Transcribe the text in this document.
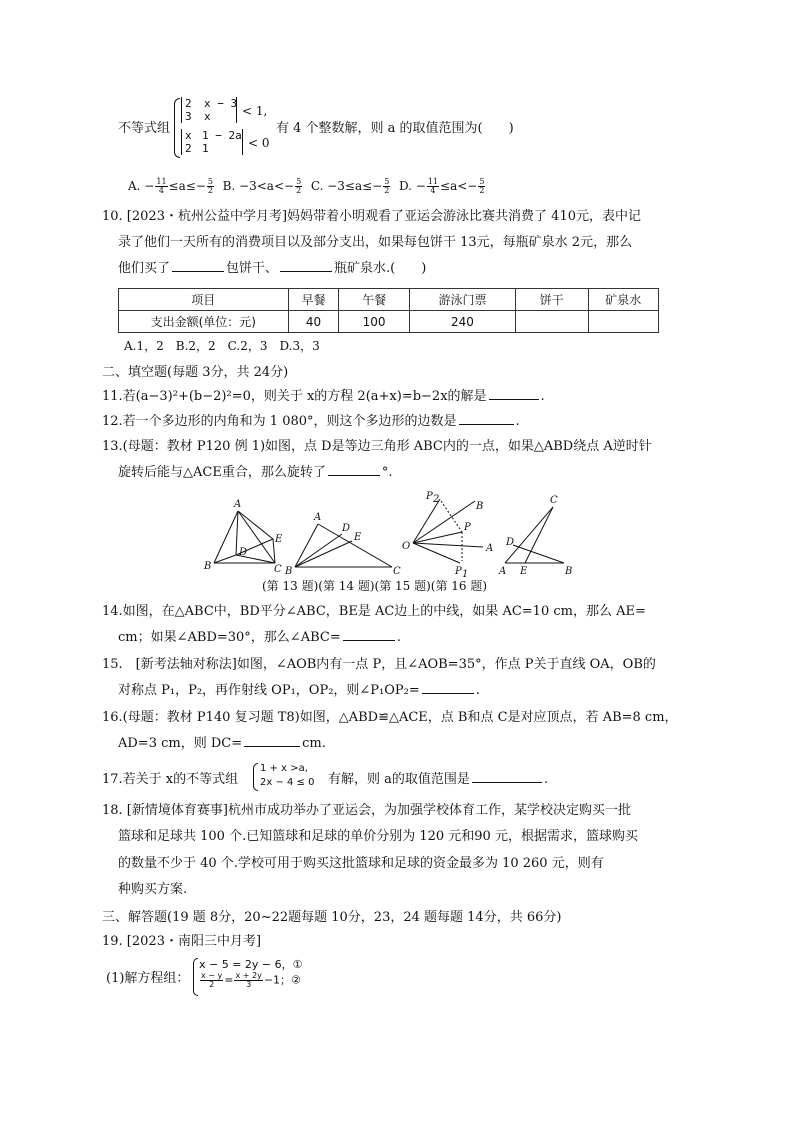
不等式组
2 x − 3
3 x	< 1,
x 1 − 2a
2 1	< 0
有 4 个整数解，则 a 的取值范围为(　　)
A. − $\frac{11}{4} \le a\le- \frac{5}{2} B$. $-3<a<- \frac{5}{2} C$. $-3\le a\le- \frac{5}{2} D$. − $\frac{11}{4} \le a<- \frac{5}{2}$
10. [2023・杭州公益中学月考]妈妈带着小明观看了亚运会游泳比赛共消费了 410元，表中记
录了他们一天所有的消费项目以及部分支出，如果每包饼干 13元，每瓶矿泉水 2元，那么
他们买了	包饼干、	瓶矿泉水.(　　)
项目	早餐	午餐	游泳门票	饼干	矿泉水
支出金额(单位：元)	40	100	240		
A.1，2　B.2，2　C.2，3　D.3，3
二、填空题(每题 3分，共 24分)
11.若(a−3)²+(b−2)²=0，则关于 x的方程 2(a+x)=b−2x的解是	.
12.若一个多边形的内角和为 1 080°，则这个多边形的边数是	.
13.(母题：教材 P120 例 1)如图，点 D是等边三角形 ABC内的一点，如果△ABD绕点 A逆时针
旋转后能与△ACE重合，那么旋转了	°.
A
B	C
D
E
A
B	C
D
E
O	A
B
P
P 2
P 1	A	B
C
D
E
(第 13 题)(第 14 题)(第 15 题)(第 16 题)
14.如图，在△ABC中，BD平分∠ABC，BE是 AC边上的中线，如果 AC=10 cm，那么 AE=
cm；如果∠ABD=30°，那么∠ABC=	.
15.　[新考法轴对称法]如图，∠AOB内有一点 P，且∠AOB=35°，作点 P关于直线 OA，OB的
对称点 P₁，P₂，再作射线 OP₁，OP₂，则∠P₁OP₂=	.
16.(母题：教材 P140 复习题 T8)如图，△ABD≌△ACE，点 B和点 C是对应顶点，若 AB=8 cm，
AD=3 cm，则 DC=	cm.
17.若关于 x的不等式组
1 + x >a,
2x − 4 ≤ 0 有解，则 a的取值范围是	.
18. [新情境体育赛事]杭州市成功举办了亚运会，为加强学校体育工作，某学校决定购买一批
篮球和足球共 100 个.已知篮球和足球的单价分别为 120 元和90 元，根据需求，篮球购买
的数量不少于 40 个.学校可用于购买这批篮球和足球的资金最多为 10 260 元，则有
种购买方案.
三、解答题(19 题 8分，20~22题每题 10分，23，24 题每题 14分，共 66分)
19. [2023・南阳三中月考]
(1)解方程组：
x − 5 = 2y − 6，①
$\frac{x - y}{2} = \frac{x + 2y}{3} -1$；②
